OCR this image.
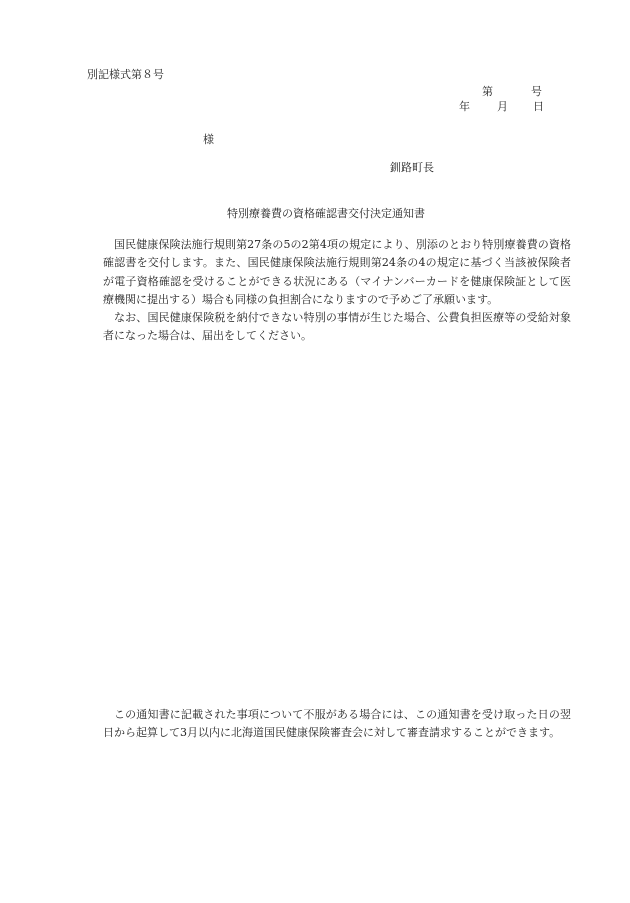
別記様式第８号
第	号
年 月 日
様
釧路町長
特別療養費の資格確認書交付決定通知書

国民健康保険法施行規則第27条の5の2第4項の規定により、別添のとおり特別療養費の資格確認書を交付します。また、国民健康保険法施行規則第24条の4の規定に基づく当該被保険者が電子資格確認を受けることができる状況にある（マイナンバーカードを健康保険証として医療機関に提出する）場合も同様の負担割合になりますので予めご了承願います。

なお、国民健康保険税を納付できない特別の事情が生じた場合、公費負担医療等の受給対象者になった場合は、届出をしてください。

この通知書に記載された事項について不服がある場合には、この通知書を受け取った日の翌日から起算して3月以内に北海道国民健康保険審査会に対して審査請求することができます。
